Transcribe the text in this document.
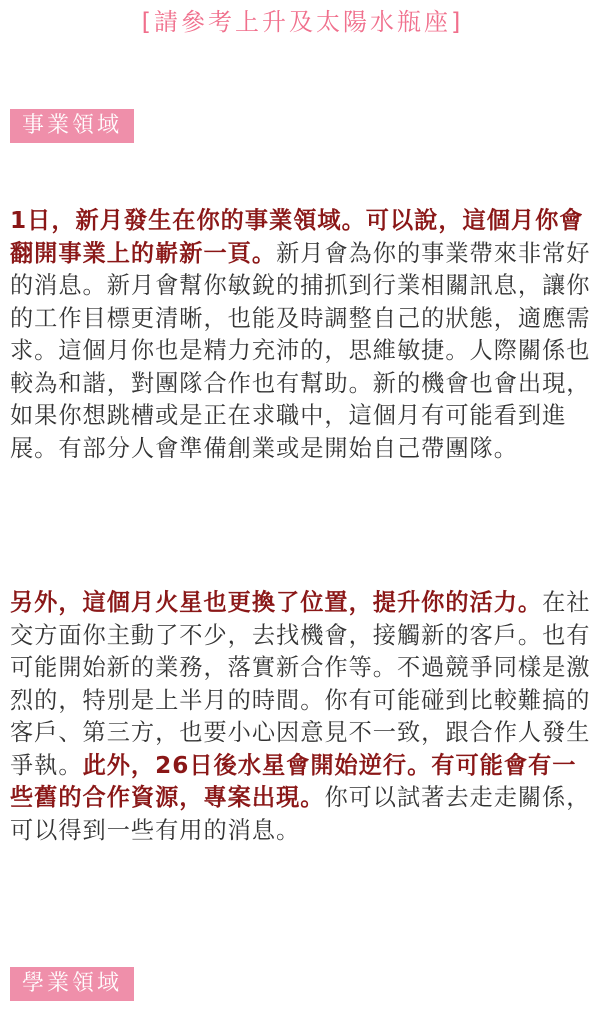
[請參考上升及太陽水瓶座]
事業領域

1日，新月發生在你的事業領域。可以說，這個月你會翻開事業上的嶄新一頁。新月會為你的事業帶來非常好的消息。新月會幫你敏銳的捕抓到行業相關訊息，讓你的工作目標更清晰，也能及時調整自己的狀態，適應需求。這個月你也是精力充沛的，思維敏捷。人際關係也較為和諧，對團隊合作也有幫助。新的機會也會出現，如果你想跳槽或是正在求職中，這個月有可能看到進展。有部分人會準備創業或是開始自己帶團隊。

另外，這個月火星也更換了位置，提升你的活力。在社交方面你主動了不少，去找機會，接觸新的客戶。也有可能開始新的業務，落實新合作等。不過競爭同樣是激烈的，特別是上半月的時間。你有可能碰到比較難搞的客戶、第三方，也要小心因意見不一致，跟合作人發生爭執。此外，26日後水星會開始逆行。有可能會有一些舊的合作資源，專案出現。你可以試著去走走關係，可以得到一些有用的消息。

學業領域
